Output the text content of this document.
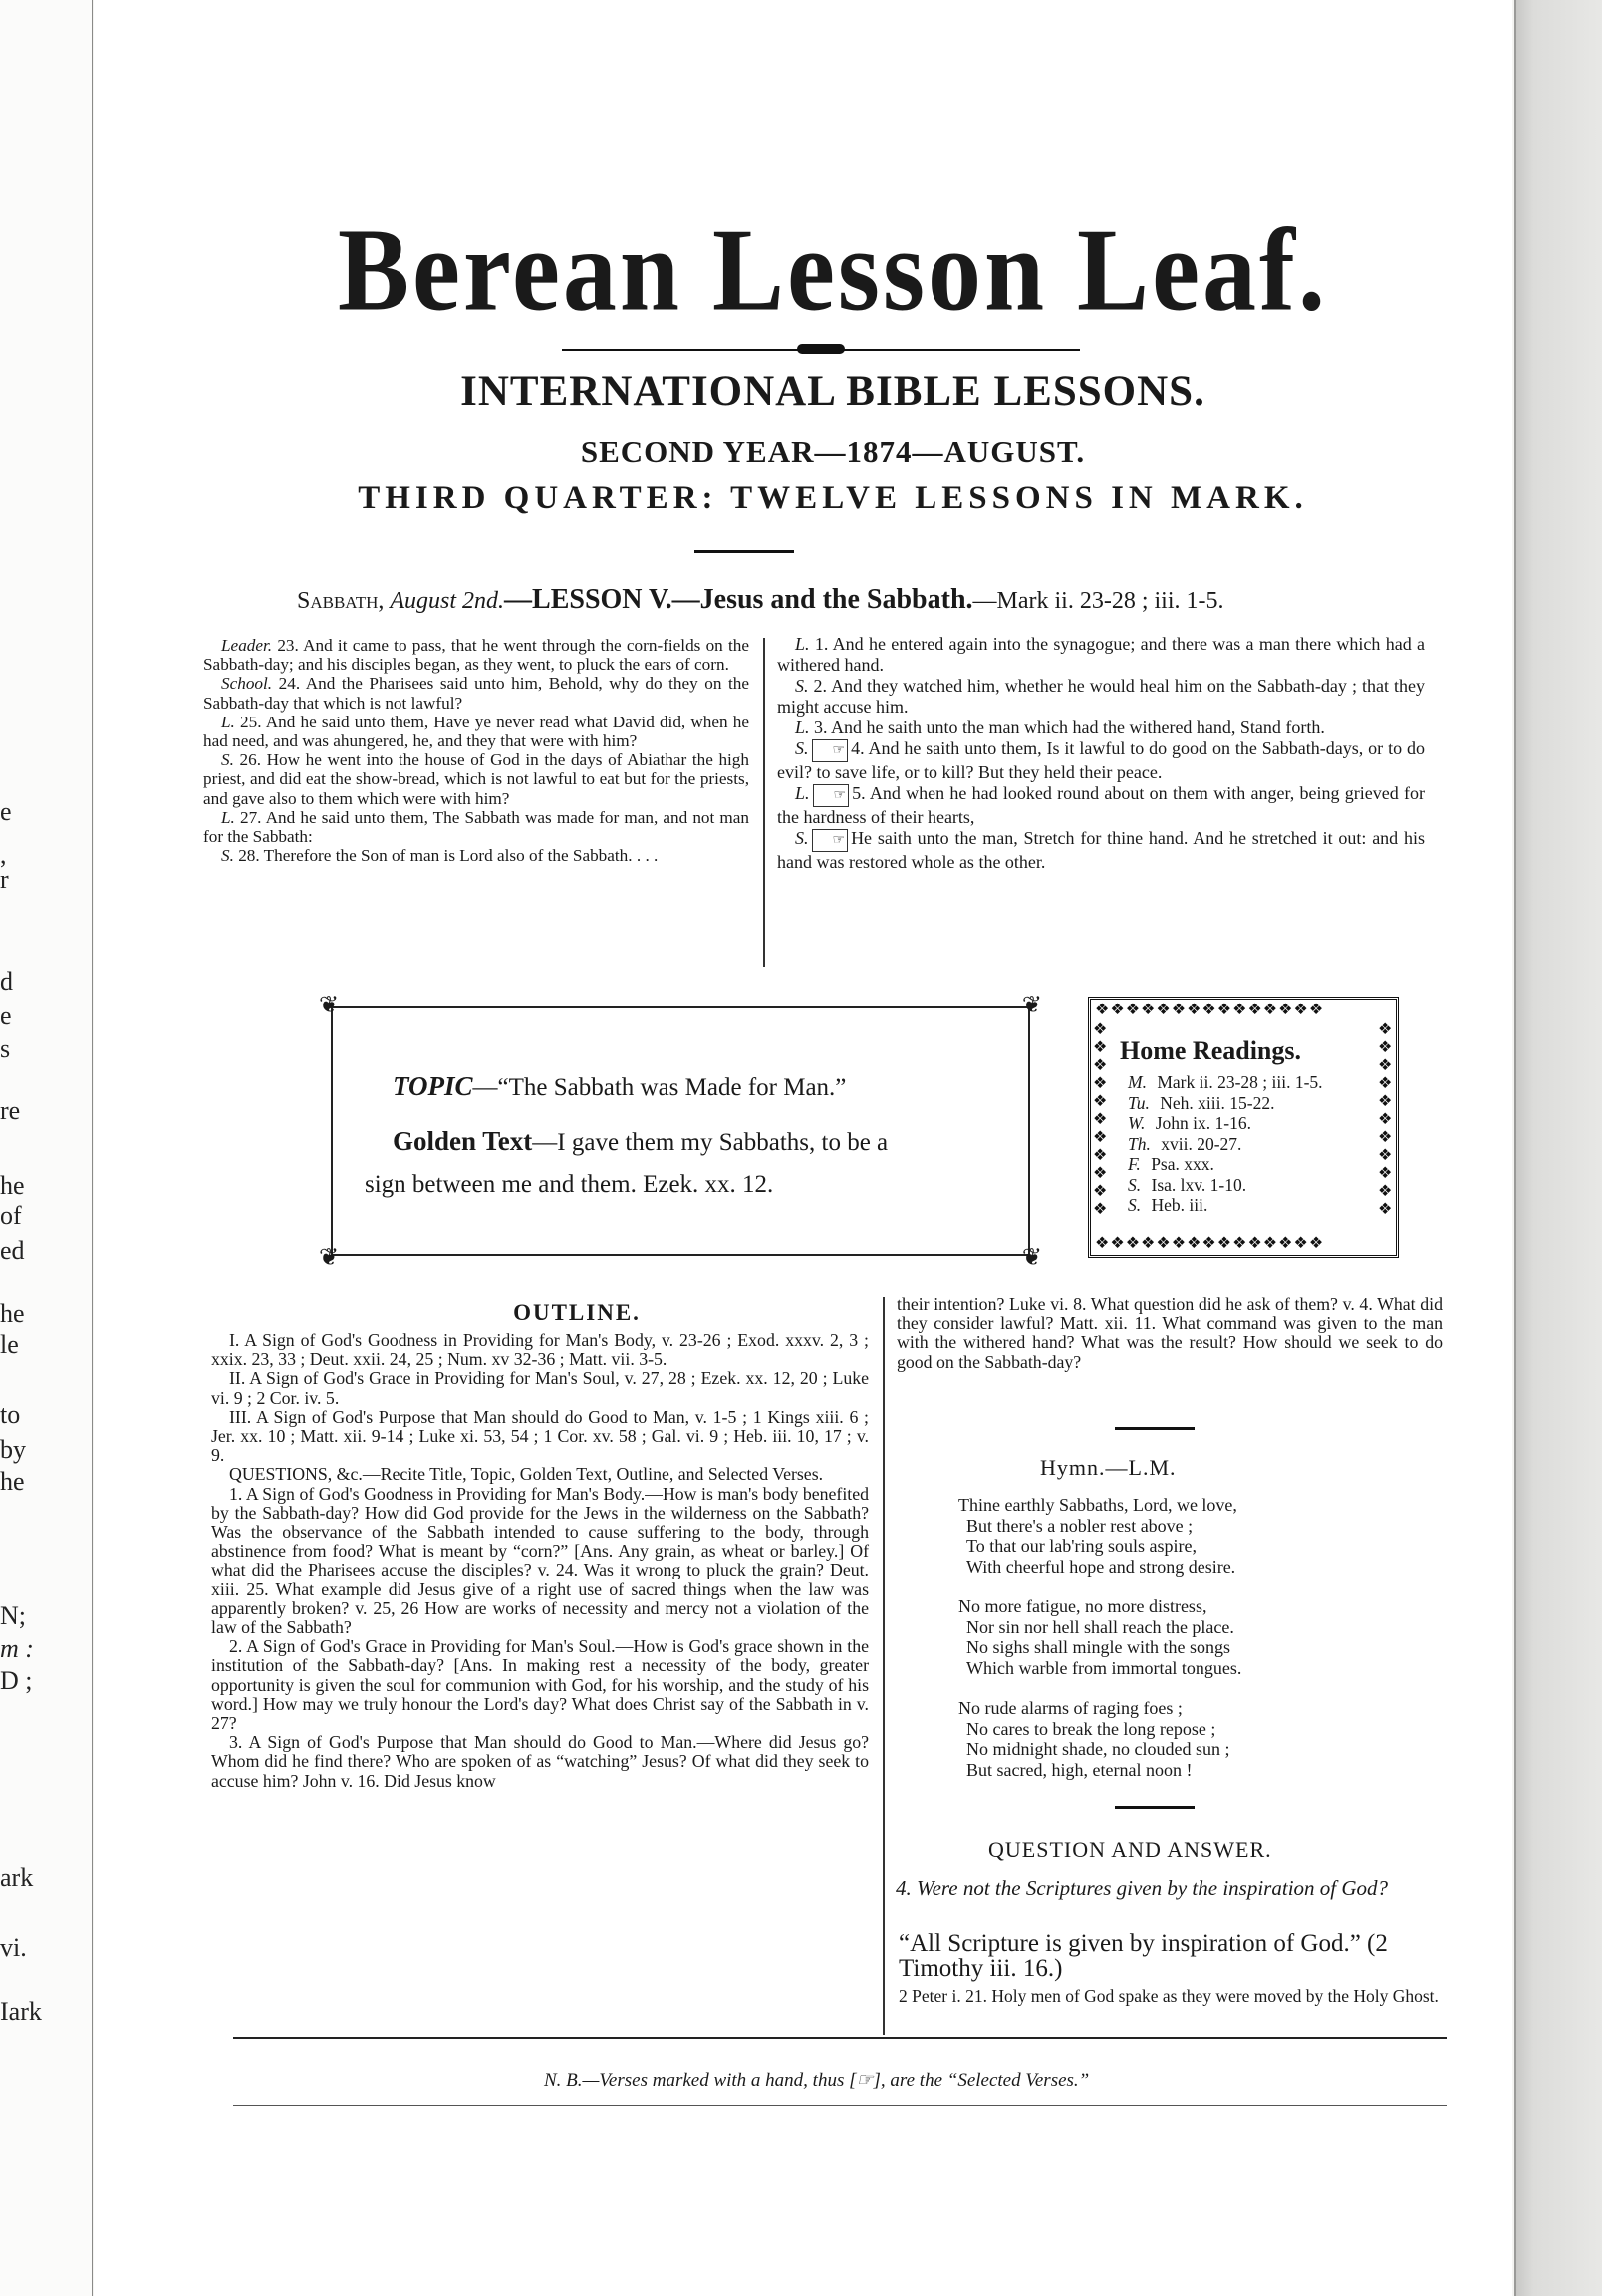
e
,
r
d
e
s
re
he
of
ed
he
le
to
by
he
N;
m :
D ;
ark
vi.
Iark
Berean Lesson Leaf.
INTERNATIONAL BIBLE LESSONS.
SECOND YEAR—1874—AUGUST.
THIRD QUARTER: TWELVE LESSONS IN MARK.
Sabbath, August 2nd.—LESSON V.—Jesus and the Sabbath.—Mark ii. 23-28 ; iii. 1-5.

Leader. 23. And it came to pass, that he went through the corn-fields on the Sabbath-day; and his disciples began, as they went, to pluck the ears of corn.

School. 24. And the Pharisees said unto him, Behold, why do they on the Sabbath-day that which is not lawful?

L. 25. And he said unto them, Have ye never read what David did, when he had need, and was ahungered, he, and they that were with him?

S. 26. How he went into the house of God in the days of Abiathar the high priest, and did eat the show-bread, which is not lawful to eat but for the priests, and gave also to them which were with him?

L. 27. And he said unto them, The Sabbath was made for man, and not man for the Sabbath:

S. 28. Therefore the Son of man is Lord also of the Sabbath. . . .

L. 1. And he entered again into the synagogue; and there was a man there which had a withered hand.

S. 2. And they watched him, whether he would heal him on the Sabbath-day ; that they might accuse him.

L. 3. And he saith unto the man which had the withered hand, Stand forth.

S. ☞ 4. And he saith unto them, Is it lawful to do good on the Sabbath-days, or to do evil? to save life, or to kill? But they held their peace.

L. ☞ 5. And when he had looked round about on them with anger, being grieved for the hardness of their hearts,

S. ☞ He saith unto the man, Stretch for thine hand. And he stretched it out: and his hand was restored whole as the other.

❦	❦
❦	❦
TOPIC—“The Sabbath was Made for Man.”
Golden Text—I gave them my Sabbaths, to be a
sign between me and them. Ezek. xx. 12.
❖❖❖❖❖❖❖❖❖❖❖❖❖❖❖
❖❖❖❖❖❖❖❖❖❖❖❖❖❖❖
❖
❖
❖
❖
❖
❖
❖
❖
❖
❖
❖
❖
❖
❖
❖
❖
❖
❖
❖
❖
❖
❖
Home Readings.
M. Mark ii. 23-28 ; iii. 1-5.
Tu. Neh. xiii. 15-22.
W. John ix. 1-16.
Th. xvii. 20-27.
F. Psa. xxx.
S. Isa. lxv. 1-10.
S. Heb. iii.
OUTLINE.

I. A Sign of God's Goodness in Providing for Man's Body, v. 23-26 ; Exod. xxxv. 2, 3 ; xxix. 23, 33 ; Deut. xxii. 24, 25 ; Num. xv 32-36 ; Matt. vii. 3-5.

II. A Sign of God's Grace in Providing for Man's Soul, v. 27, 28 ; Ezek. xx. 12, 20 ; Luke vi. 9 ; 2 Cor. iv. 5.

III. A Sign of God's Purpose that Man should do Good to Man, v. 1-5 ; 1 Kings xiii. 6 ; Jer. xx. 10 ; Matt. xii. 9-14 ; Luke xi. 53, 54 ; 1 Cor. xv. 58 ; Gal. vi. 9 ; Heb. iii. 10, 17 ; v. 9.

QUESTIONS, &c.—Recite Title, Topic, Golden Text, Outline, and Selected Verses.

1. A Sign of God's Goodness in Providing for Man's Body.—How is man's body benefited by the Sabbath-day? How did God provide for the Jews in the wilderness on the Sabbath? Was the observance of the Sabbath intended to cause suffering to the body, through abstinence from food? What is meant by “corn?” [Ans. Any grain, as wheat or barley.] Of what did the Pharisees accuse the disciples? v. 24. Was it wrong to pluck the grain? Deut. xiii. 25. What example did Jesus give of a right use of sacred things when the law was apparently broken? v. 25, 26 How are works of necessity and mercy not a violation of the law of the Sabbath?

2. A Sign of God's Grace in Providing for Man's Soul.—How is God's grace shown in the institution of the Sabbath-day? [Ans. In making rest a necessity of the body, greater opportunity is given the soul for communion with God, for his worship, and the study of his word.] How may we truly honour the Lord's day? What does Christ say of the Sabbath in v. 27?

3. A Sign of God's Purpose that Man should do Good to Man.—Where did Jesus go? Whom did he find there? Who are spoken of as “watching” Jesus? Of what did they seek to accuse him? John v. 16. Did Jesus know

their intention? Luke vi. 8. What question did he ask of them? v. 4. What did they consider lawful? Matt. xii. 11. What command was given to the man with the withered hand? What was the result? How should we seek to do good on the Sabbath-day?

Hymn.—L.M.
Thine earthly Sabbaths, Lord, we love,
But there's a nobler rest above ;
To that our lab'ring souls aspire,
With cheerful hope and strong desire.
No more fatigue, no more distress,
Nor sin nor hell shall reach the place.
No sighs shall mingle with the songs
Which warble from immortal tongues.
No rude alarms of raging foes ;
No cares to break the long repose ;
No midnight shade, no clouded sun ;
But sacred, high, eternal noon !
QUESTION AND ANSWER.
4. Were not the Scriptures given by the inspiration of God?
“All Scripture is given by inspiration of God.” (2 Timothy iii. 16.)
2 Peter i. 21. Holy men of God spake as they were moved by the Holy Ghost.
N. B.—Verses marked with a hand, thus [☞], are the “Selected Verses.”
